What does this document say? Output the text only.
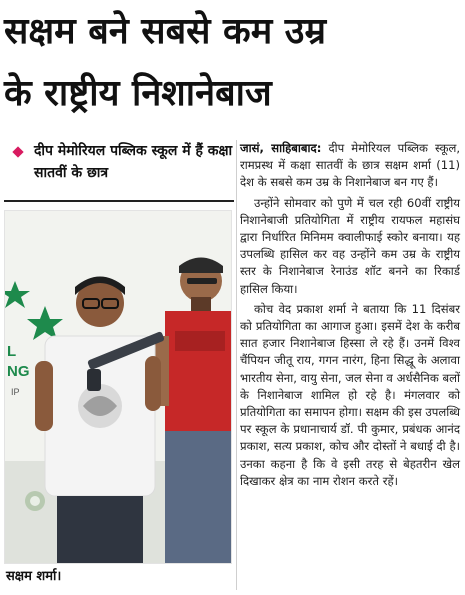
सक्षम बने सबसे कम उम्र
के राष्ट्रीय निशानेबाज
दीप मेमोरियल पब्लिक स्कूल में हैं कक्षा सातवीं के छात्र
L
NG
IP
सक्षम शर्मा।

जासं, साहिबाबाद: दीप मेमोरियल पब्लिक स्कूल, रामप्रस्थ में कक्षा सातवीं के छात्र सक्षम शर्मा (11) देश के सबसे कम उम्र के निशानेबाज बन गए हैं।

उन्होंने सोमवार को पुणे में चल रही 60वीं राष्ट्रीय निशानेबाजी प्रतियोगिता में राष्ट्रीय रायफल महासंघ द्वारा निर्धारित मिनिमम क्वालीफाई स्कोर बनाया। यह उपलब्धि हासिल कर वह उन्होंने कम उम्र के राष्ट्रीय स्तर के निशानेबाज रेनाउंड शॉट बनने का रिकार्ड हासिल किया।

कोच वेद प्रकाश शर्मा ने बताया कि 11 दिसंबर को प्रतियोगिता का आगाज हुआ। इसमें देश के करीब सात हजार निशानेबाज हिस्सा ले रहे हैं। उनमें विश्व चैंपियन जीतू राय, गगन नारंग, हिना सिद्धू के अलावा भारतीय सेना, वायु सेना, जल सेना व अर्धसैनिक बलों के निशानेबाज शामिल हो रहे है। मंगलवार को प्रतियोगिता का समापन होगा। सक्षम की इस उपलब्धि पर स्कूल के प्रधानाचार्य डॉ. पी कुमार, प्रबंधक आनंद प्रकाश, सत्य प्रकाश, कोच और दोस्तों ने बधाई दी है। उनका कहना है कि वे इसी तरह से बेहतरीन खेल दिखाकर क्षेत्र का नाम रोशन करते रहें।
